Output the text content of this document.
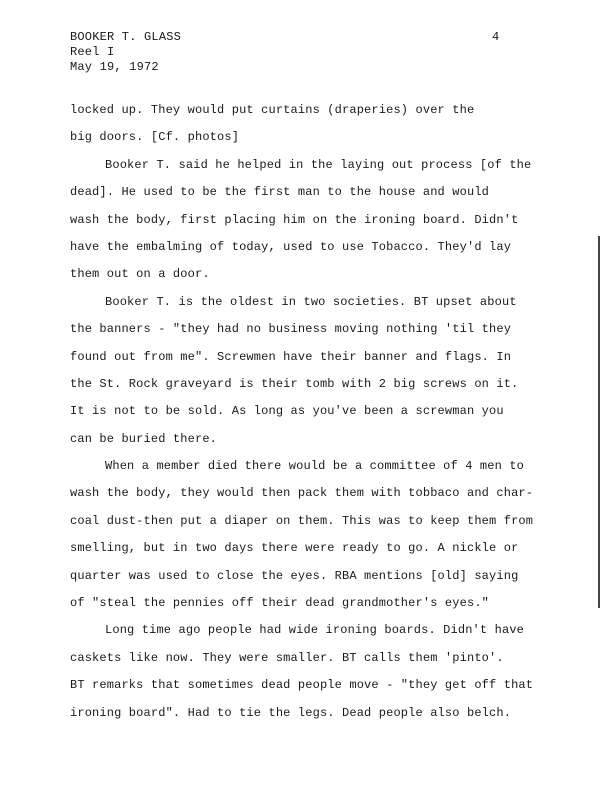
BOOKER T. GLASS
Reel I
May 19, 1972
4
locked up. They would put curtains (draperies) over the
big doors. [Cf. photos]
Booker T. said he helped in the laying out process [of the
dead]. He used to be the first man to the house and would
wash the body, first placing him on the ironing board. Didn't
have the embalming of today, used to use Tobacco. They'd lay
them out on a door.
Booker T. is the oldest in two societies. BT upset about
the banners - "they had no business moving nothing 'til they
found out from me". Screwmen have their banner and flags. In
the St. Rock graveyard is their tomb with 2 big screws on it.
It is not to be sold. As long as you've been a screwman you
can be buried there.
When a member died there would be a committee of 4 men to
wash the body, they would then pack them with tobbaco and char-
coal dust-then put a diaper on them. This was to keep them from
smelling, but in two days there were ready to go. A nickle or
quarter was used to close the eyes. RBA mentions [old] saying
of "steal the pennies off their dead grandmother's eyes."
Long time ago people had wide ironing boards. Didn't have
caskets like now. They were smaller. BT calls them 'pinto'.
BT remarks that sometimes dead people move - "they get off that
ironing board". Had to tie the legs. Dead people also belch.
